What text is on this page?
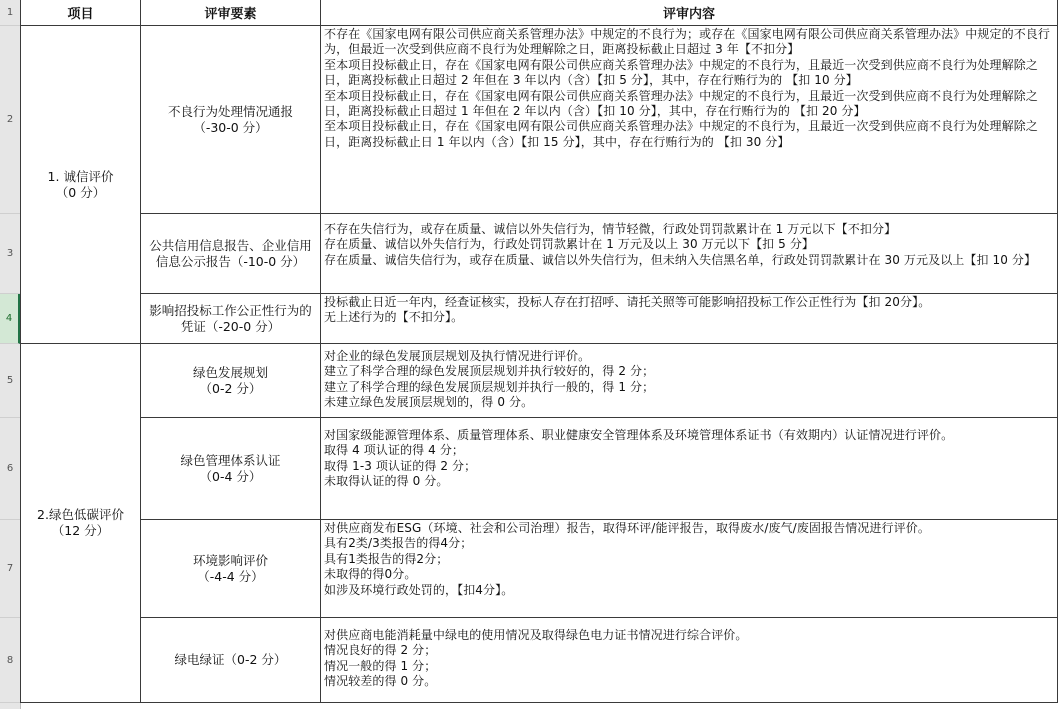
1
2
3
4
5
6
7
8
项目	评审要素	评审内容
1. 诚信评价
（0 分）
不良行为处理情况通报
（-30-0 分）
不存在《国家电网有限公司供应商关系管理办法》中规定的不良行为；或存在《国家电网有限公司供应商关系管理办法》中规定的不良行为，但最近一次受到供应商不良行为处理解除之日，距离投标截止日超过 3 年【不扣分】
至本项目投标截止日，存在《国家电网有限公司供应商关系管理办法》中规定的不良行为，且最近一次受到供应商不良行为处理解除之日，距离投标截止日超过 2 年但在 3 年以内（含）【扣 5 分】，其中，存在行贿行为的 【扣 10 分】
至本项目投标截止日，存在《国家电网有限公司供应商关系管理办法》中规定的不良行为，且最近一次受到供应商不良行为处理解除之日，距离投标截止日超过 1 年但在 2 年以内（含）【扣 10 分】，其中，存在行贿行为的 【扣 20 分】
至本项目投标截止日，存在《国家电网有限公司供应商关系管理办法》中规定的不良行为，且最近一次受到供应商不良行为处理解除之日，距离投标截止日 1 年以内（含）【扣 15 分】，其中，存在行贿行为的 【扣 30 分】
公共信用信息报告、企业信用信息公示报告（-10-0 分）
不存在失信行为，或存在质量、诚信以外失信行为，情节轻微，行政处罚罚款累计在 1 万元以下【不扣分】
存在质量、诚信以外失信行为，行政处罚罚款累计在 1 万元及以上 30 万元以下【扣 5 分】
存在质量、诚信失信行为，或存在质量、诚信以外失信行为，但未纳入失信黑名单，行政处罚罚款累计在 30 万元及以上【扣 10 分】
影响招投标工作公正性行为的凭证（-20-0 分）
投标截止日近一年内，经查证核实，投标人存在打招呼、请托关照等可能影响招投标工作公正性行为【扣 20分】。
无上述行为的【不扣分】。
2.绿色低碳评价
（12 分）
绿色发展规划
（0-2 分）
对企业的绿色发展顶层规划及执行情况进行评价。
建立了科学合理的绿色发展顶层规划并执行较好的，得 2 分；
建立了科学合理的绿色发展顶层规划并执行一般的，得 1 分；
未建立绿色发展顶层规划的，得 0 分。
绿色管理体系认证
（0-4 分）
对国家级能源管理体系、质量管理体系、职业健康安全管理体系及环境管理体系证书（有效期内）认证情况进行评价。
取得 4 项认证的得 4 分；
取得 1-3 项认证的得 2 分；
未取得认证的得 0 分。
环境影响评价
（-4-4 分）
对供应商发布ESG（环境、社会和公司治理）报告，取得环评/能评报告，取得废水/废气/废固报告情况进行评价。
具有2类/3类报告的得4分；
具有1类报告的得2分；
未取得的得0分。
如涉及环境行政处罚的，【扣4分】。
绿电绿证（0-2 分）
对供应商电能消耗量中绿电的使用情况及取得绿色电力证书情况进行综合评价。
情况良好的得 2 分；
情况一般的得 1 分；
情况较差的得 0 分。
